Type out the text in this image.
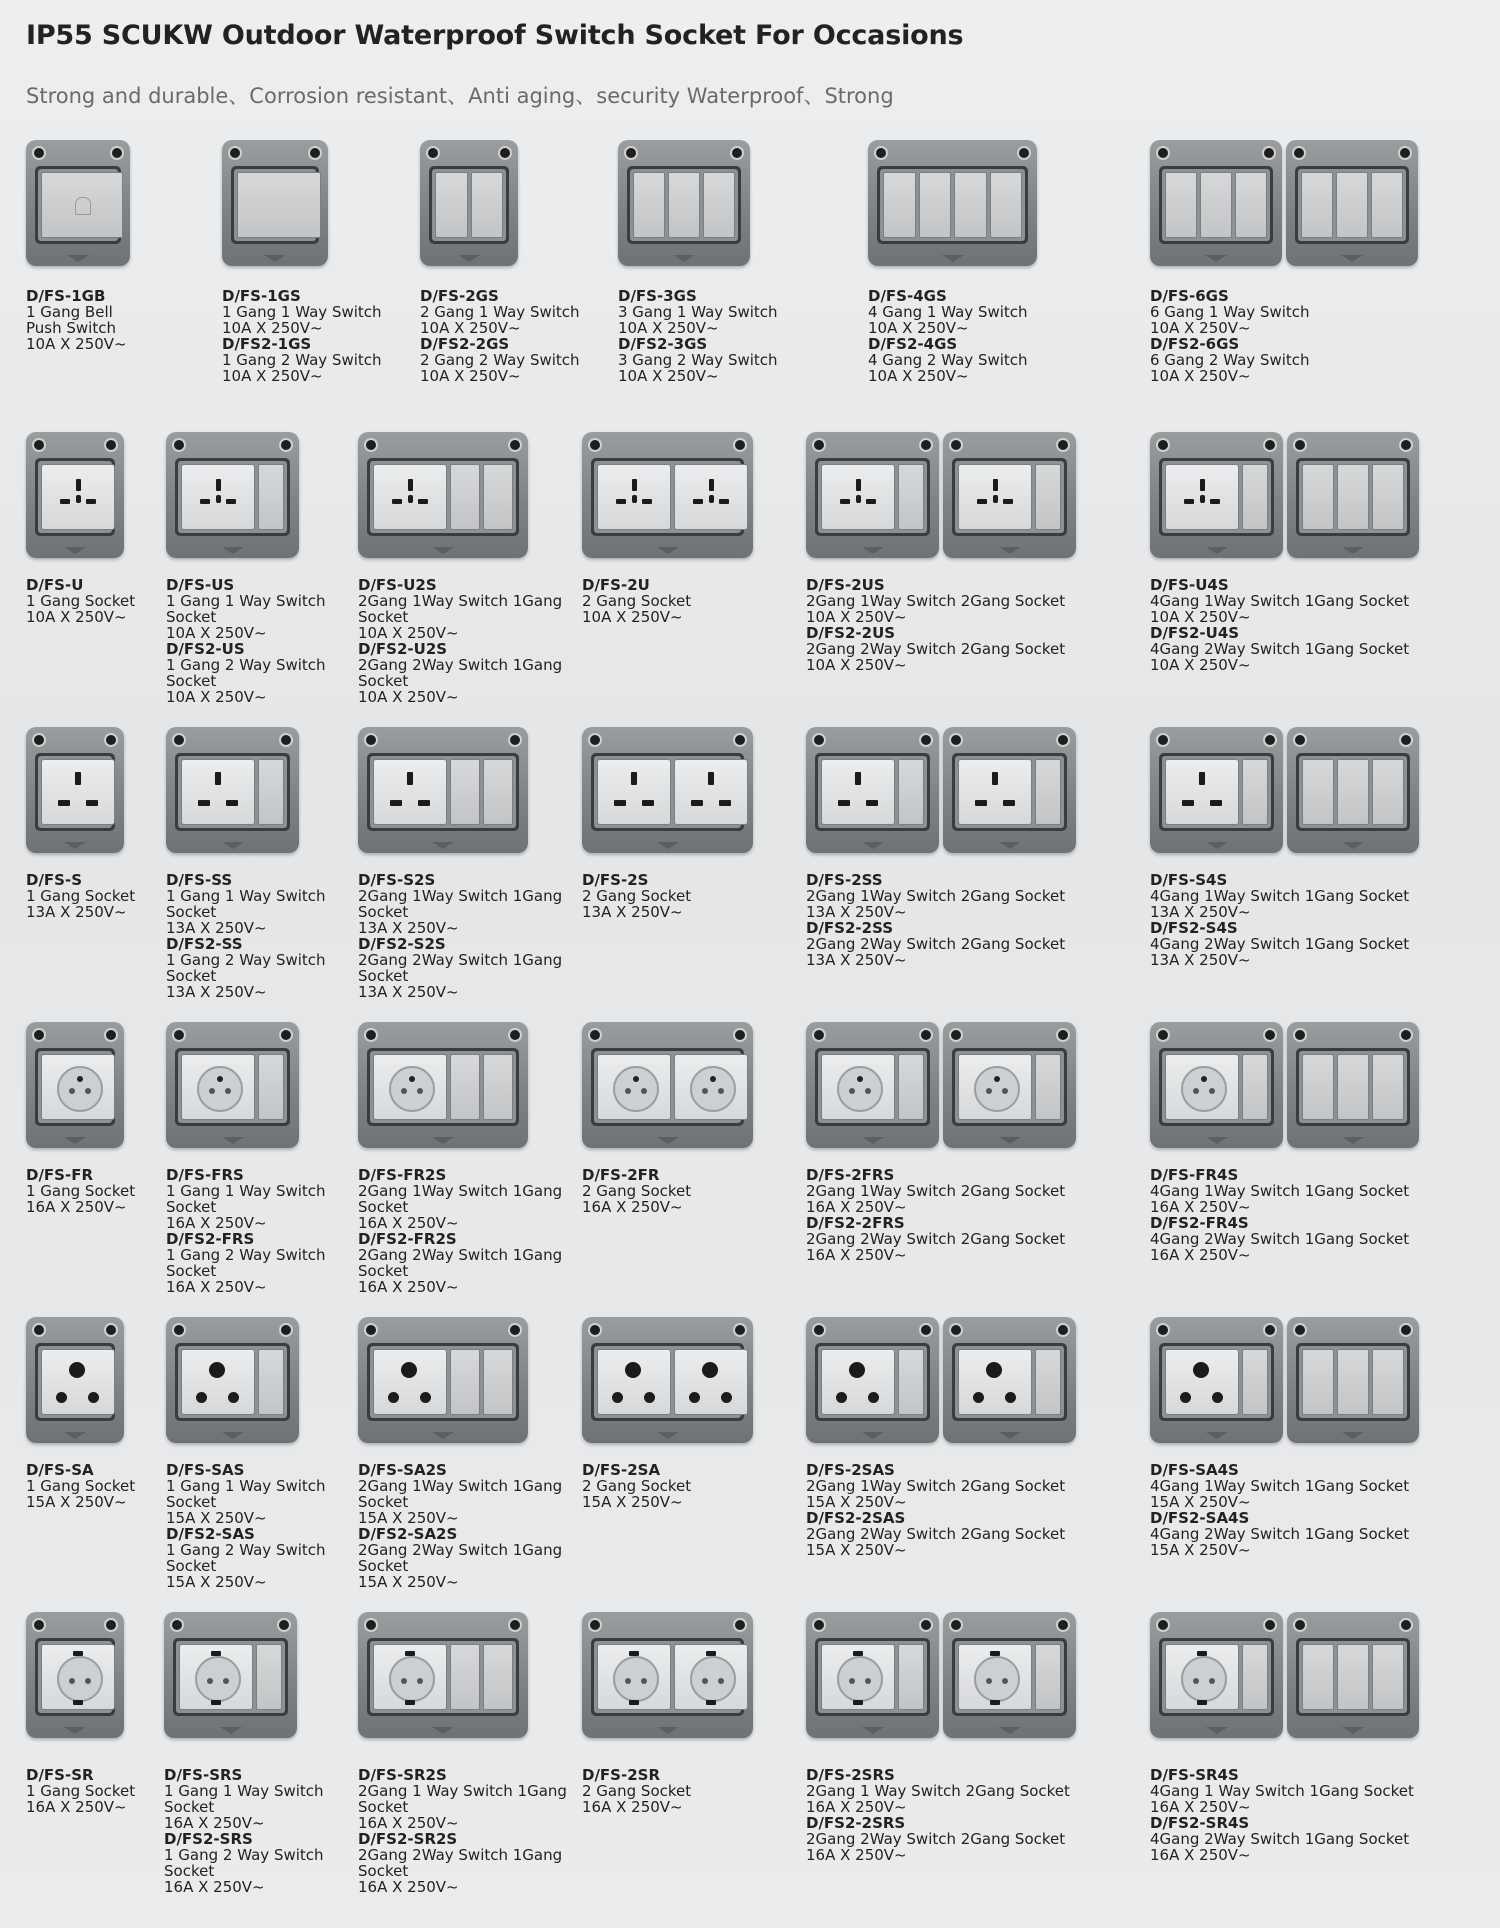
IP55 SCUKW Outdoor Waterproof Switch Socket For Occasions
Strong and durable、Corrosion resistant、Anti aging、security Waterproof、Strong
D/FS-1GB
1 Gang Bell
Push Switch
10A X 250V~
D/FS-1GS
1 Gang 1 Way Switch
10A X 250V~
D/FS2-1GS
1 Gang 2 Way Switch
10A X 250V~
D/FS-2GS
2 Gang 1 Way Switch
10A X 250V~
D/FS2-2GS
2 Gang 2 Way Switch
10A X 250V~
D/FS-3GS
3 Gang 1 Way Switch
10A X 250V~
D/FS2-3GS
3 Gang 2 Way Switch
10A X 250V~
D/FS-4GS
4 Gang 1 Way Switch
10A X 250V~
D/FS2-4GS
4 Gang 2 Way Switch
10A X 250V~
D/FS-6GS
6 Gang 1 Way Switch
10A X 250V~
D/FS2-6GS
6 Gang 2 Way Switch
10A X 250V~
D/FS-U
1 Gang Socket
10A X 250V~
D/FS-US
1 Gang 1 Way Switch
Socket
10A X 250V~
D/FS2-US
1 Gang 2 Way Switch
Socket
10A X 250V~
D/FS-U2S
2Gang 1Way Switch 1Gang
Socket
10A X 250V~
D/FS2-U2S
2Gang 2Way Switch 1Gang
Socket
10A X 250V~
D/FS-2U
2 Gang Socket
10A X 250V~
D/FS-2US
2Gang 1Way Switch 2Gang Socket
10A X 250V~
D/FS2-2US
2Gang 2Way Switch 2Gang Socket
10A X 250V~
D/FS-U4S
4Gang 1Way Switch 1Gang Socket
10A X 250V~
D/FS2-U4S
4Gang 2Way Switch 1Gang Socket
10A X 250V~
D/FS-S
1 Gang Socket
13A X 250V~
D/FS-SS
1 Gang 1 Way Switch
Socket
13A X 250V~
D/FS2-SS
1 Gang 2 Way Switch
Socket
13A X 250V~
D/FS-S2S
2Gang 1Way Switch 1Gang
Socket
13A X 250V~
D/FS2-S2S
2Gang 2Way Switch 1Gang
Socket
13A X 250V~
D/FS-2S
2 Gang Socket
13A X 250V~
D/FS-2SS
2Gang 1Way Switch 2Gang Socket
13A X 250V~
D/FS2-2SS
2Gang 2Way Switch 2Gang Socket
13A X 250V~
D/FS-S4S
4Gang 1Way Switch 1Gang Socket
13A X 250V~
D/FS2-S4S
4Gang 2Way Switch 1Gang Socket
13A X 250V~
D/FS-FR
1 Gang Socket
16A X 250V~
D/FS-FRS
1 Gang 1 Way Switch
Socket
16A X 250V~
D/FS2-FRS
1 Gang 2 Way Switch
Socket
16A X 250V~
D/FS-FR2S
2Gang 1Way Switch 1Gang
Socket
16A X 250V~
D/FS2-FR2S
2Gang 2Way Switch 1Gang
Socket
16A X 250V~
D/FS-2FR
2 Gang Socket
16A X 250V~
D/FS-2FRS
2Gang 1Way Switch 2Gang Socket
16A X 250V~
D/FS2-2FRS
2Gang 2Way Switch 2Gang Socket
16A X 250V~
D/FS-FR4S
4Gang 1Way Switch 1Gang Socket
16A X 250V~
D/FS2-FR4S
4Gang 2Way Switch 1Gang Socket
16A X 250V~
D/FS-SA
1 Gang Socket
15A X 250V~
D/FS-SAS
1 Gang 1 Way Switch
Socket
15A X 250V~
D/FS2-SAS
1 Gang 2 Way Switch
Socket
15A X 250V~
D/FS-SA2S
2Gang 1Way Switch 1Gang
Socket
15A X 250V~
D/FS2-SA2S
2Gang 2Way Switch 1Gang
Socket
15A X 250V~
D/FS-2SA
2 Gang Socket
15A X 250V~
D/FS-2SAS
2Gang 1Way Switch 2Gang Socket
15A X 250V~
D/FS2-2SAS
2Gang 2Way Switch 2Gang Socket
15A X 250V~
D/FS-SA4S
4Gang 1Way Switch 1Gang Socket
15A X 250V~
D/FS2-SA4S
4Gang 2Way Switch 1Gang Socket
15A X 250V~
D/FS-SR
1 Gang Socket
16A X 250V~
D/FS-SRS
1 Gang 1 Way Switch
Socket
16A X 250V~
D/FS2-SRS
1 Gang 2 Way Switch
Socket
16A X 250V~
D/FS-SR2S
2Gang 1 Way Switch 1Gang
Socket
16A X 250V~
D/FS2-SR2S
2Gang 2Way Switch 1Gang
Socket
16A X 250V~
D/FS-2SR
2 Gang Socket
16A X 250V~
D/FS-2SRS
2Gang 1 Way Switch 2Gang Socket
16A X 250V~
D/FS2-2SRS
2Gang 2Way Switch 2Gang Socket
16A X 250V~
D/FS-SR4S
4Gang 1 Way Switch 1Gang Socket
16A X 250V~
D/FS2-SR4S
4Gang 2Way Switch 1Gang Socket
16A X 250V~
